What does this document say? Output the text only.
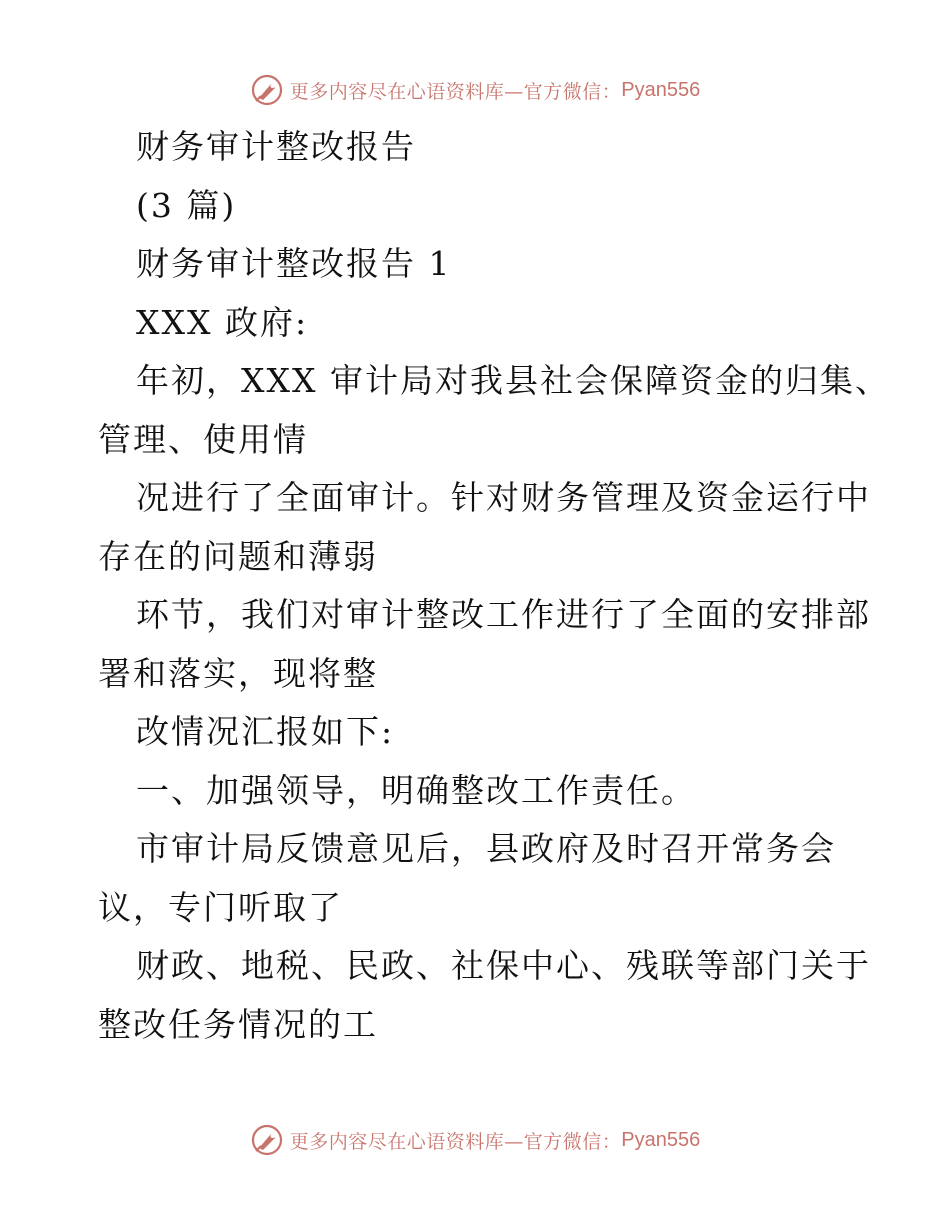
更多内容尽在心语资料库—官方微信： Pyan556
财务审计整改报告
(3 篇)
财务审计整改报告 1
XXX 政府:
年初，XXX 审计局对我县社会保障资金的归集、
管理、使用情
况进行了全面审计。针对财务管理及资金运行中
存在的问题和薄弱
环节，我们对审计整改工作进行了全面的安排部
署和落实，现将整
改情况汇报如下:
一、加强领导，明确整改工作责任。
市审计局反馈意见后，县政府及时召开常务会
议，专门听取了
财政、地税、民政、社保中心、残联等部门关于
整改任务情况的工
更多内容尽在心语资料库—官方微信： Pyan556
